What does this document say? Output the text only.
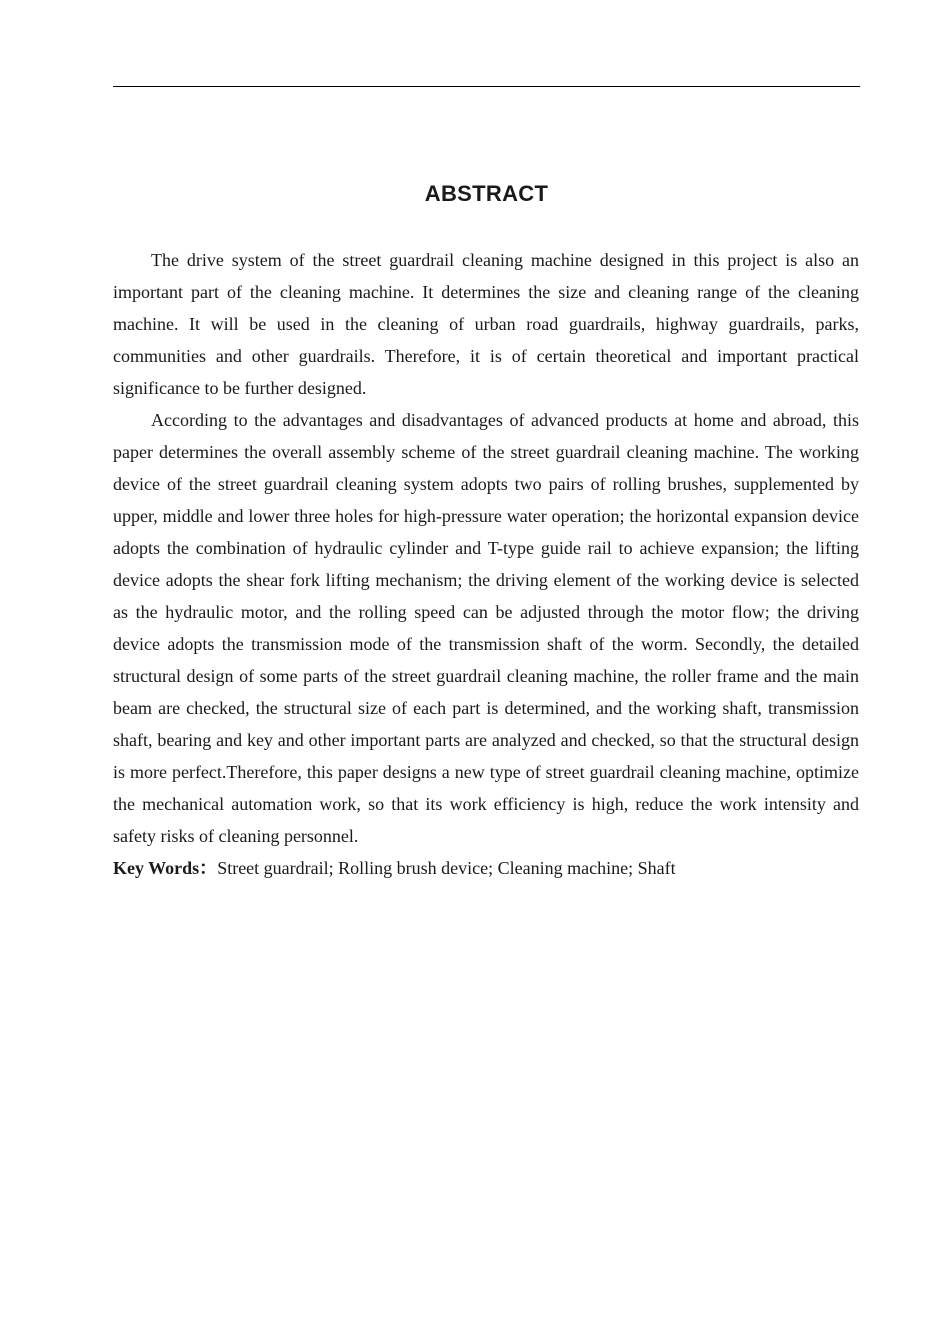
ABSTRACT

The drive system of the street guardrail cleaning machine designed in this project is also an important part of the cleaning machine. It determines the size and cleaning range of the cleaning machine. It will be used in the cleaning of urban road guardrails, highway guardrails, parks, communities and other guardrails. Therefore, it is of certain theoretical and important practical significance to be further designed.

According to the advantages and disadvantages of advanced products at home and abroad, this paper determines the overall assembly scheme of the street guardrail cleaning machine. The working device of the street guardrail cleaning system adopts two pairs of rolling brushes, supplemented by upper, middle and lower three holes for high-pressure water operation; the horizontal expansion device adopts the combination of hydraulic cylinder and T-type guide rail to achieve expansion; the lifting device adopts the shear fork lifting mechanism; the driving element of the working device is selected as the hydraulic motor, and the rolling speed can be adjusted through the motor flow; the driving device adopts the transmission mode of the transmission shaft of the worm. Secondly, the detailed structural design of some parts of the street guardrail cleaning machine, the roller frame and the main beam are checked, the structural size of each part is determined, and the working shaft, transmission shaft, bearing and key and other important parts are analyzed and checked, so that the structural design is more perfect.Therefore, this paper designs a new type of street guardrail cleaning machine, optimize the mechanical automation work, so that its work efficiency is high, reduce the work intensity and safety risks of cleaning personnel.

Key Words：Street guardrail; Rolling brush device; Cleaning machine; Shaft
